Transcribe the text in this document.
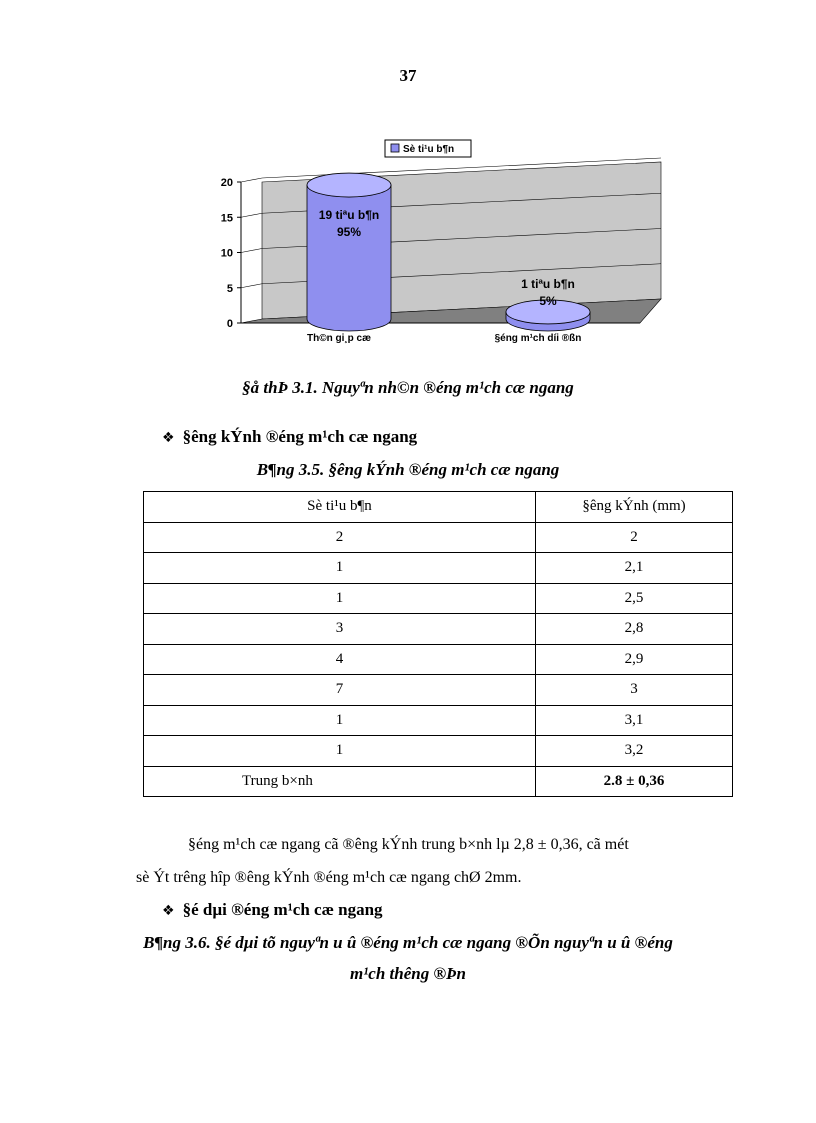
37
Sè ti¹u b¶n
0
5
10
15
20
19 tiªu b¶n
95%
1 tiªu b¶n
5%
Th©n gi¸p cæ	§éng m¹ch díi ®ßn
§å thÞ 3.1. Nguyªn nh©n ®éng m¹ch cæ ngang
❖ §êng kÝnh ®éng m¹ch cæ ngang
B¶ng 3.5. §êng kÝnh ®éng m¹ch cæ ngang
Sè ti¹u b¶n	§êng kÝnh (mm)
2	2
1	2,1
1	2,5
3	2,8
4	2,9
7	3
1	3,1
1	3,2
Trung b×nh	2.8 ± 0,36
§éng m¹ch cæ ngang cã ®êng kÝnh trung b×nh lµ 2,8 ± 0,36, cã mét
sè Ýt trêng hîp ®êng kÝnh ®éng m¹ch cæ ngang chØ 2mm.
❖ §é dµi ®éng m¹ch cæ ngang
B¶ng 3.6. §é dµi tõ nguyªn u û ®éng m¹ch cæ ngang ®Õn nguyªn u û ®éng
m¹ch thêng ®Þn
